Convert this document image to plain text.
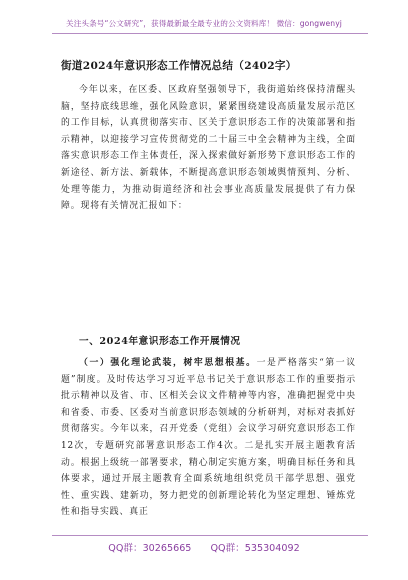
关注头条号“公文研究”，获得最新最全最专业的公文资料库！ 微信：gongwenyj
街道2024年意识形态工作情况总结（2402字）

今年以来，在区委、区政府坚强领导下，我街道始终保持清醒头脑，坚持底线思维，强化风险意识，紧紧围绕建设高质量发展示范区的工作目标，认真贯彻落实市、区关于意识形态工作的决策部署和指示精神，以迎接学习宣传贯彻党的二十届三中全会精神为主线，全面落实意识形态工作主体责任，深入探索做好新形势下意识形态工作的新途径、新方法、新载体，不断提高意识形态领域舆情预判、分析、处理等能力，为推动街道经济和社会事业高质量发展提供了有力保障。现将有关情况汇报如下：

一、2024年意识形态工作开展情况

（一）强化理论武装，树牢思想根基。一是严格落实“第一议题”制度。及时传达学习习近平总书记关于意识形态工作的重要指示批示精神以及省、市、区相关会议文件精神等内容，准确把握党中央和省委、市委、区委对当前意识形态领域的分析研判，对标对表抓好贯彻落实。今年以来，召开党委（党组）会议学习研究意识形态工作12次，专题研究部署意识形态工作4次。二是扎实开展主题教育活动。根据上级统一部署要求，精心制定实施方案，明确目标任务和具体要求，通过开展主题教育全面系统地组织党员干部学思想、强党性、重实践、建新功，努力把党的创新理论转化为坚定理想、锤炼党性和指导实践、真正

QQ群：30265665 QQ群：535304092
